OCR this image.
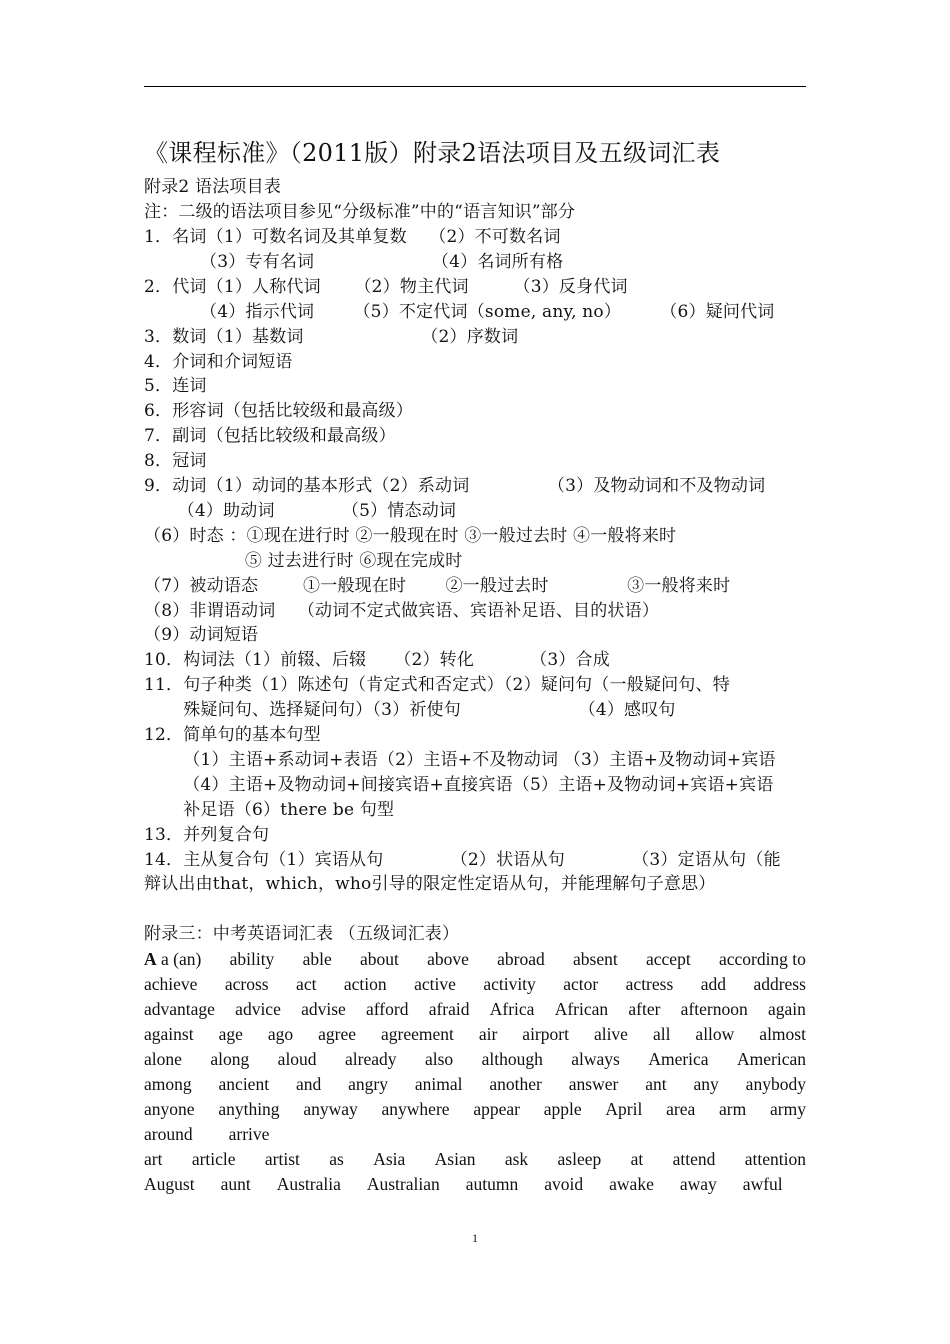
《课程标准》（2011版）附录2语法项目及五级词汇表
附录2 语法项目表
注：二级的语法项目参见“分级标准”中的“语言知识”部分
1．名词（1）可数名词及其单复数    （2）不可数名词
（3）专有名词                     （4）名词所有格
2．代词（1）人称代词      （2）物主代词        （3）反身代词
（4）指示代词       （5）不定代词（some, any, no）       （6）疑问代词
3．数词（1）基数词                     （2）序数词
4．介词和介词短语
5．连词
6．形容词（包括比较级和最高级）
7．副词（包括比较级和最高级）
8．冠词
9．动词（1）动词的基本形式（2）系动词              （3）及物动词和不及物动词
（4）助动词            （5）情态动词
（6）时态 ：①现在进行时 ②一般现在时 ③一般过去时 ④一般将来时
⑤ 过去进行时 ⑥现在完成时
（7）被动语态        ①一般现在时       ②一般过去时              ③一般将来时
（8）非谓语动词    （动词不定式做宾语、宾语补足语、目的状语）
（9）动词短语
10．构词法（1）前辍、后辍     （2）转化          （3）合成
11．句子种类（1）陈述句（肯定式和否定式）（2）疑问句（一般疑问句、特
殊疑问句、选择疑问句）（3）祈使句                     （4）感叹句
12．简单句的基本句型
（1）主语+系动词+表语（2）主语+不及物动词 （3）主语+及物动词+宾语
（4）主语+及物动词+间接宾语+直接宾语（5）主语+及物动词+宾语+宾语
补足语（6）there be 句型
13．并列复合句
14．主从复合句（1）宾语从句            （2）状语从句            （3）定语从句（能
辩认出由that，which，who引导的限定性定语从句，并能理解句子意思）
附录三：中考英语词汇表 （五级词汇表）
A a (an) ability able about above abroad absent accept according to
achieve across act action active activity actor actress add address
advantage advice advise afford afraid Africa African after afternoon again
against age ago agree agreement air airport alive all allow almost
alone along aloud already also although always America American
among ancient and angry animal another answer ant any anybody
anyone anything anyway anywhere appear apple April area arm army
around arrive
art article artist as Asia Asian ask asleep at attend attention
August aunt Australia Australian autumn avoid awake away awful
1
